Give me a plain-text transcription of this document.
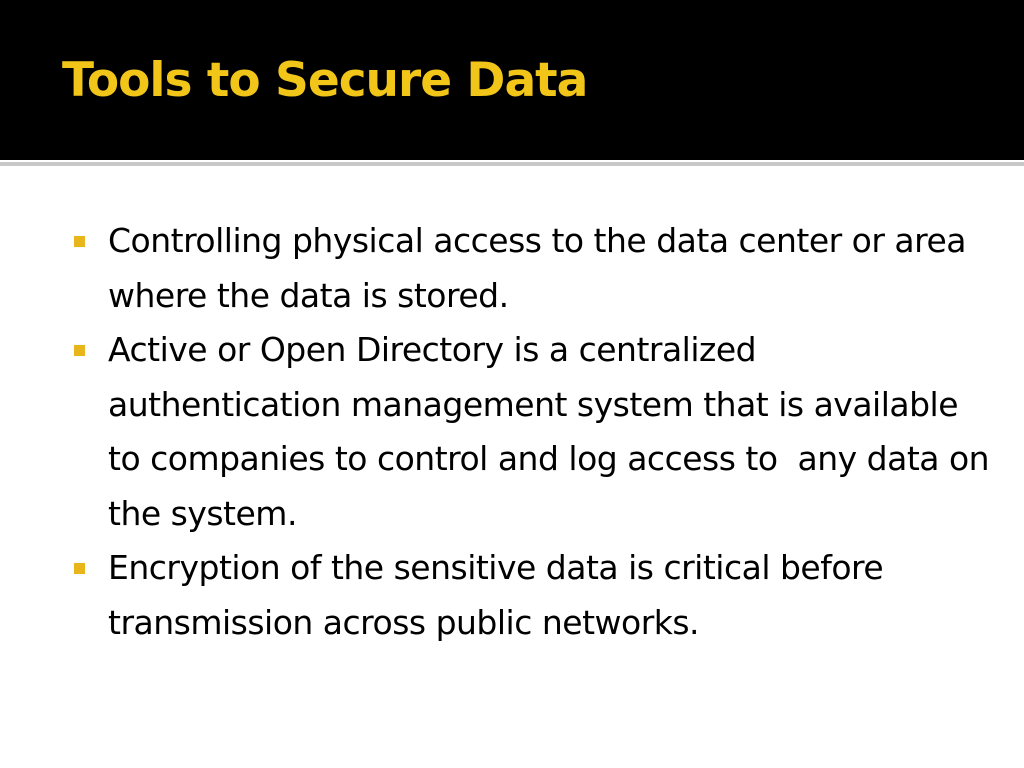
Tools to Secure Data
Controlling physical access to the data center or area where the data is stored.
Active or Open Directory is a centralized authentication management system that is available to companies to control and log access to  any data on the system.
Encryption of the sensitive data is critical before transmission across public networks.
